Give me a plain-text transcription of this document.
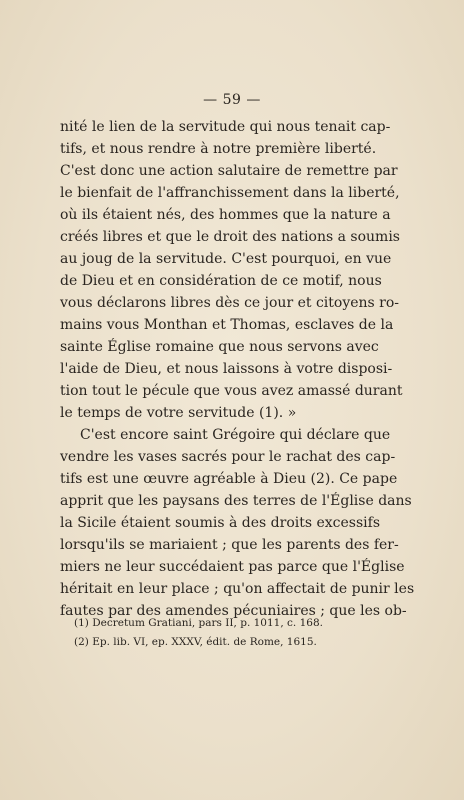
— 59 —
nité le lien de la servitude qui nous tenait cap-
tifs, et nous rendre à notre première liberté.
C'est donc une action salutaire de remettre par
le bienfait de l'affranchissement dans la liberté,
où ils étaient nés, des hommes que la nature a
créés libres et que le droit des nations a soumis
au joug de la servitude. C'est pourquoi, en vue
de Dieu et en considération de ce motif, nous
vous déclarons libres dès ce jour et citoyens ro-
mains vous Monthan et Thomas, esclaves de la
sainte Église romaine que nous servons avec
l'aide de Dieu, et nous laissons à votre disposi-
tion tout le pécule que vous avez amassé durant
le temps de votre servitude (1). »
C'est encore saint Grégoire qui déclare que
vendre les vases sacrés pour le rachat des cap-
tifs est une œuvre agréable à Dieu (2). Ce pape
apprit que les paysans des terres de l'Église dans
la Sicile étaient soumis à des droits excessifs
lorsqu'ils se mariaient ; que les parents des fer-
miers ne leur succédaient pas parce que l'Église
héritait en leur place ; qu'on affectait de punir les
fautes par des amendes pécuniaires ; que les ob-
(1) Decretum Gratiani, pars II, p. 1011, c. 168.
(2) Ep. lib. VI, ep. XXXV, édit. de Rome, 1615.
